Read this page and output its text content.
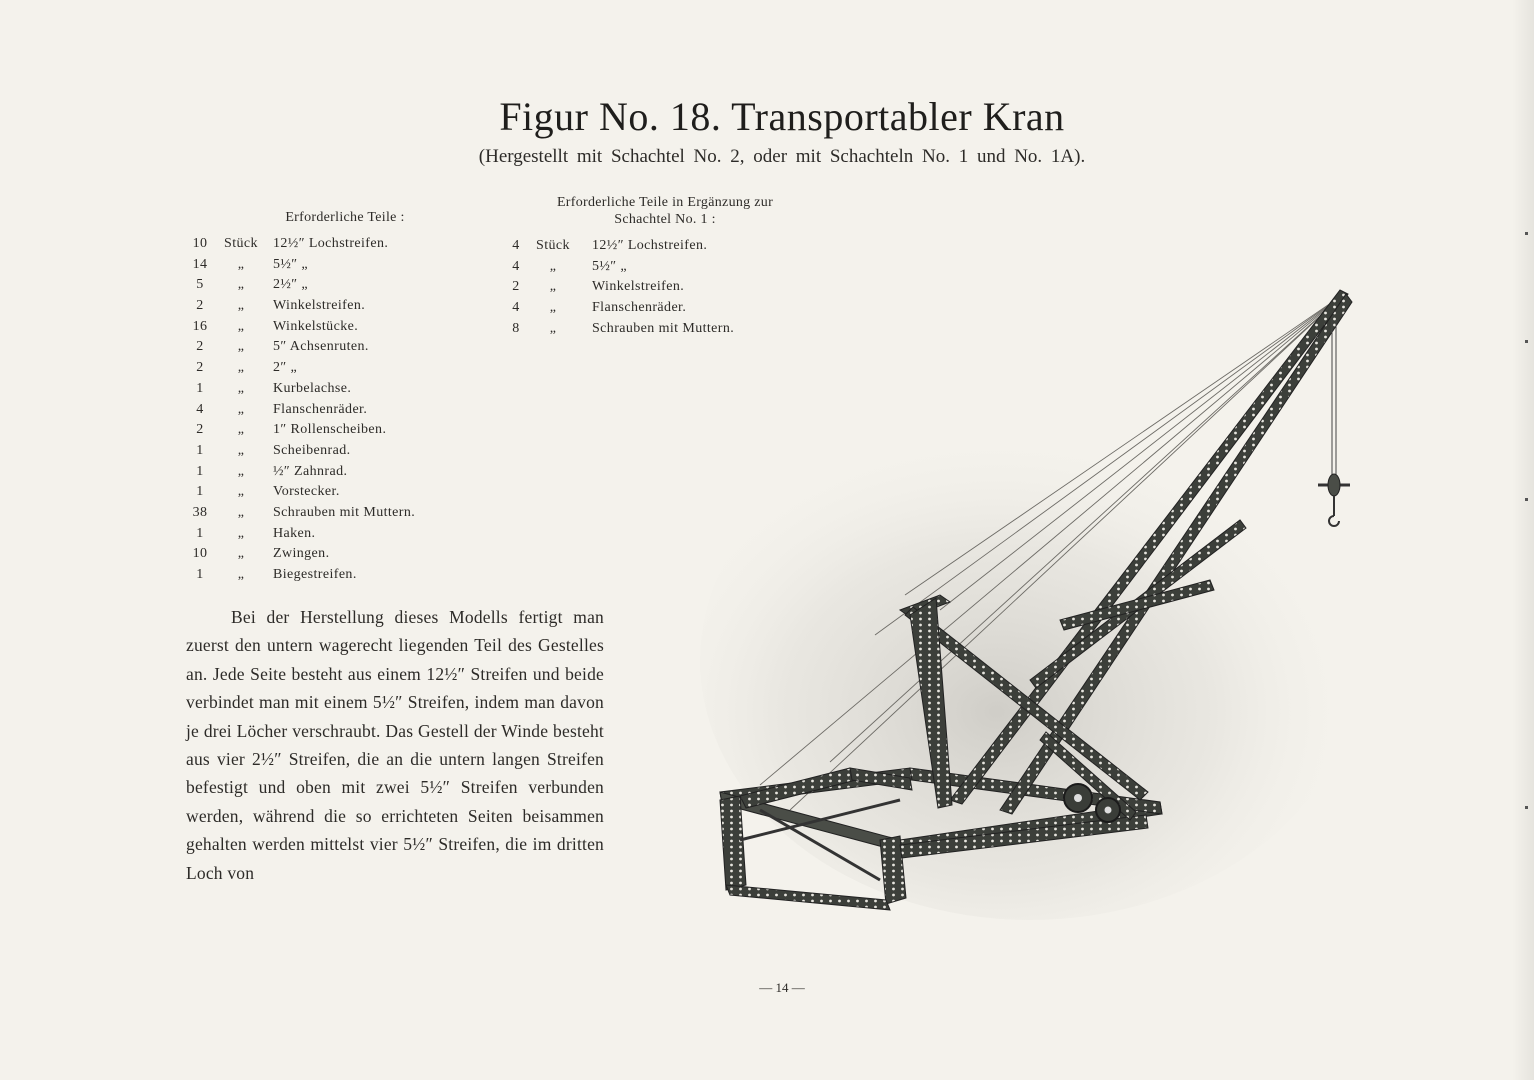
Figur No. 18. Transportabler Kran
(Hergestellt mit Schachtel No. 2, oder mit Schachteln No. 1 und No. 1A).
Erforderliche Teile :
Erforderliche Teile in Ergänzung zur
Schachtel No. 1 :
10	Stück	12½″ Lochstreifen.
14	„	5½″ „
5	„	2½″ „
2	„	Winkelstreifen.
16	„	Winkelstücke.
2	„	5″ Achsenruten.
2	„	2″ „
1	„	Kurbelachse.
4	„	Flanschenräder.
2	„	1″ Rollenscheiben.
1	„	Scheibenrad.
1	„	½″ Zahnrad.
1	„	Vorstecker.
38	„	Schrauben mit Muttern.
1	„	Haken.
10	„	Zwingen.
1	„	Biegestreifen.
4	Stück	12½″ Lochstreifen.
4	„	5½″ „
2	„	Winkelstreifen.
4	„	Flanschenräder.
8	„	Schrauben mit Muttern.

Bei der Herstellung dieses Modells fertigt man zuerst den untern wagerecht liegenden Teil des Gestelles an. Jede Seite besteht aus einem 12½″ Streifen und beide verbindet man mit einem 5½″ Streifen, indem man davon je drei Löcher verschraubt. Das Gestell der Winde besteht aus vier 2½″ Streifen, die an die untern langen Streifen befestigt und oben mit zwei 5½″ Streifen verbunden werden, während die so errichteten Seiten beisammen gehalten werden mittelst vier 5½″ Streifen, die im dritten Loch von

— 14 —
